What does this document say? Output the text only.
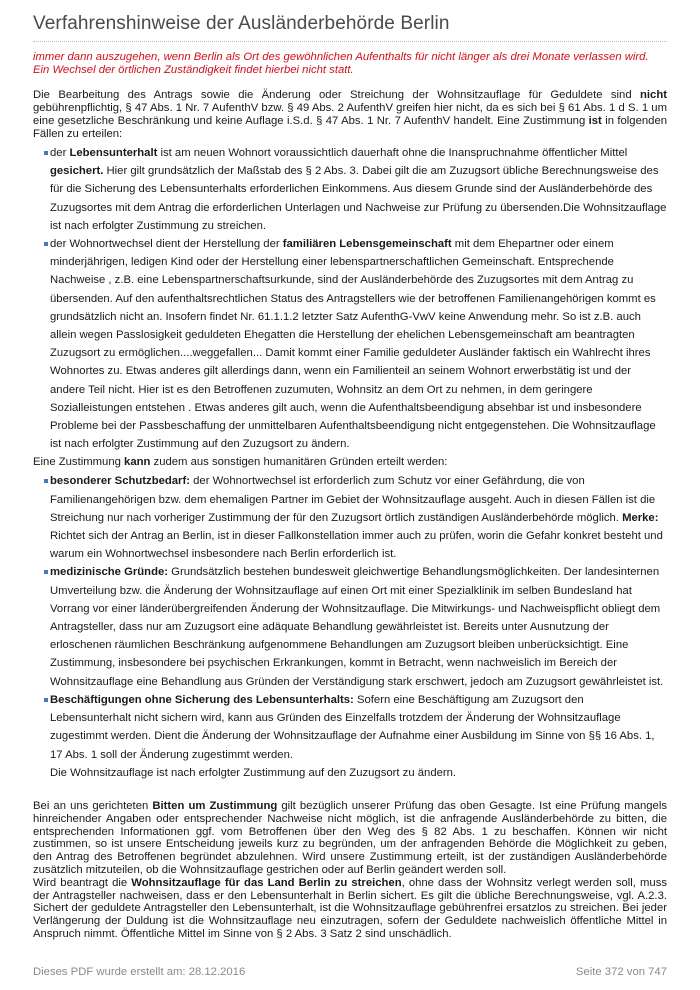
Verfahrenshinweise der Ausländerbehörde Berlin
immer dann auszugehen, wenn Berlin als Ort des gewöhnlichen Aufenthalts für nicht länger als drei Monate verlassen wird. Ein Wechsel der örtlichen Zuständigkeit findet hierbei nicht statt.
Die Bearbeitung des Antrags sowie die Änderung oder Streichung der Wohnsitzauflage für Geduldete sind nicht gebührenpflichtig, § 47 Abs. 1 Nr. 7 AufenthV bzw. § 49 Abs. 2 AufenthV greifen hier nicht, da es sich bei § 61 Abs. 1 d S. 1 um eine gesetzliche Beschränkung und keine Auflage i.S.d. § 47 Abs. 1 Nr. 7 AufenthV handelt. Eine Zustimmung ist in folgenden Fällen zu erteilen:
der Lebensunterhalt ist am neuen Wohnort voraussichtlich dauerhaft ohne die Inanspruchnahme öffentlicher Mittel gesichert. Hier gilt grundsätzlich der Maßstab des § 2 Abs. 3. Dabei gilt die am Zuzugsort übliche Berechnungsweise des für die Sicherung des Lebensunterhalts erforderlichen Einkommens. Aus diesem Grunde sind der Ausländerbehörde des Zuzugsortes mit dem Antrag die erforderlichen Unterlagen und Nachweise zur Prüfung zu übersenden.Die Wohnsitzauflage ist nach erfolgter Zustimmung zu streichen.
der Wohnortwechsel dient der Herstellung der familiären Lebensgemeinschaft mit dem Ehepartner oder einem minderjährigen, ledigen Kind oder der Herstellung einer lebenspartnerschaftlichen Gemeinschaft. Entsprechende Nachweise , z.B. eine Lebenspartnerschaftsurkunde, sind der Ausländerbehörde des Zuzugsortes mit dem Antrag zu übersenden. Auf den aufenthaltsrechtlichen Status des Antragstellers wie der betroffenen Familienangehörigen kommt es grundsätzlich nicht an. Insofern findet Nr. 61.1.1.2 letzter Satz AufenthG-VwV keine Anwendung mehr. So ist z.B. auch allein wegen Passlosigkeit geduldeten Ehegatten die Herstellung der ehelichen Lebensgemeinschaft am beantragten Zuzugsort zu ermöglichen....weggefallen... Damit kommt einer Familie geduldeter Ausländer faktisch ein Wahlrecht ihres Wohnortes zu. Etwas anderes gilt allerdings dann, wenn ein Familienteil an seinem Wohnort erwerbstätig ist und der andere Teil nicht. Hier ist es den Betroffenen zuzumuten, Wohnsitz an dem Ort zu nehmen, in dem geringere Sozialleistungen entstehen . Etwas anderes gilt auch, wenn die Aufenthaltsbeendigung absehbar ist und insbesondere Probleme bei der Passbeschaffung der unmittelbaren Aufenthaltsbeendigung nicht entgegenstehen. Die Wohnsitzauflage ist nach erfolgter Zustimmung auf den Zuzugsort zu ändern.
Eine Zustimmung kann zudem aus sonstigen humanitären Gründen erteilt werden:
besonderer Schutzbedarf: der Wohnortwechsel ist erforderlich zum Schutz vor einer Gefährdung, die von Familienangehörigen bzw. dem ehemaligen Partner im Gebiet der Wohnsitzauflage ausgeht. Auch in diesen Fällen ist die Streichung nur nach vorheriger Zustimmung der für den Zuzugsort örtlich zuständigen Ausländerbehörde möglich. Merke: Richtet sich der Antrag an Berlin, ist in dieser Fallkonstellation immer auch zu prüfen, worin die Gefahr konkret besteht und warum ein Wohnortwechsel insbesondere nach Berlin erforderlich ist.
medizinische Gründe: Grundsätzlich bestehen bundesweit gleichwertige Behandlungsmöglichkeiten. Der landesinternen Umverteilung bzw. die Änderung der Wohnsitzauflage auf einen Ort mit einer Spezialklinik im selben Bundesland hat Vorrang vor einer länderübergreifenden Änderung der Wohnsitzauflage. Die Mitwirkungs- und Nachweispflicht obliegt dem Antragsteller, dass nur am Zuzugsort eine adäquate Behandlung gewährleistet ist. Bereits unter Ausnutzung der erloschenen räumlichen Beschränkung aufgenommene Behandlungen am Zuzugsort bleiben unberücksichtigt. Eine Zustimmung, insbesondere bei psychischen Erkrankungen, kommt in Betracht, wenn nachweislich im Bereich der Wohnsitzauflage eine Behandlung aus Gründen der Verständigung stark erschwert, jedoch am Zuzugsort gewährleistet ist.
Beschäftigungen ohne Sicherung des Lebensunterhalts: Sofern eine Beschäftigung am Zuzugsort den Lebensunterhalt nicht sichern wird, kann aus Gründen des Einzelfalls trotzdem der Änderung der Wohnsitzauflage zugestimmt werden. Dient die Änderung der Wohnsitzauflage der Aufnahme einer Ausbildung im Sinne von §§ 16 Abs. 1, 17 Abs. 1 soll der Änderung zugestimmt werden.
Die Wohnsitzauflage ist nach erfolgter Zustimmung auf den Zuzugsort zu ändern.
Bei an uns gerichteten Bitten um Zustimmung gilt bezüglich unserer Prüfung das oben Gesagte. Ist eine Prüfung mangels hinreichender Angaben oder entsprechender Nachweise nicht möglich, ist die anfragende Ausländerbehörde zu bitten, die entsprechenden Informationen ggf. vom Betroffenen über den Weg des § 82 Abs. 1 zu beschaffen. Können wir nicht zustimmen, so ist unsere Entscheidung jeweils kurz zu begründen, um der anfragenden Behörde die Möglichkeit zu geben, den Antrag des Betroffenen begründet abzulehnen. Wird unsere Zustimmung erteilt, ist der zuständigen Ausländerbehörde zusätzlich mitzuteilen, ob die Wohnsitzauflage gestrichen oder auf Berlin geändert werden soll.
Wird beantragt die Wohnsitzauflage für das Land Berlin zu streichen, ohne dass der Wohnsitz verlegt werden soll, muss der Antragsteller nachweisen, dass er den Lebensunterhalt in Berlin sichert. Es gilt die übliche Berechnungsweise, vgl. A.2.3. Sichert der geduldete Antragsteller den Lebensunterhalt, ist die Wohnsitzauflage gebührenfrei ersatzlos zu streichen. Bei jeder Verlängerung der Duldung ist die Wohnsitzauflage neu einzutragen, sofern der Geduldete nachweislich öffentliche Mittel in Anspruch nimmt. Öffentliche Mittel im Sinne von § 2 Abs. 3 Satz 2 sind unschädlich.
Dieses PDF wurde erstellt am: 28.12.2016	Seite 372 von 747
